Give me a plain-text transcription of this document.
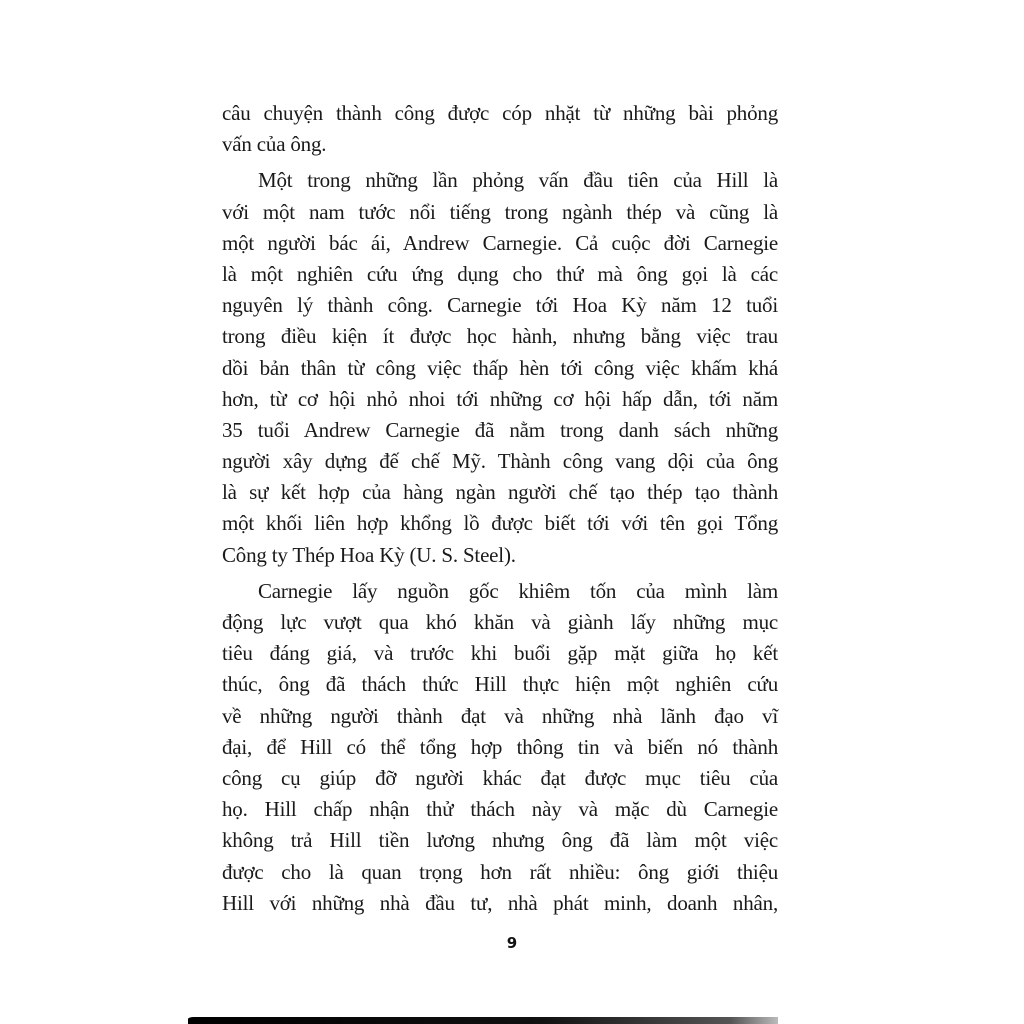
câu chuyện thành công được cóp nhặt từ những bài phỏng
vấn của ông.
Một trong những lần phỏng vấn đầu tiên của Hill là
với một nam tước nổi tiếng trong ngành thép và cũng là
một người bác ái, Andrew Carnegie. Cả cuộc đời Carnegie
là một nghiên cứu ứng dụng cho thứ mà ông gọi là các
nguyên lý thành công. Carnegie tới Hoa Kỳ năm 12 tuổi
trong điều kiện ít được học hành, nhưng bằng việc trau
dồi bản thân từ công việc thấp hèn tới công việc khấm khá
hơn, từ cơ hội nhỏ nhoi tới những cơ hội hấp dẫn, tới năm
35 tuổi Andrew Carnegie đã nằm trong danh sách những
người xây dựng đế chế Mỹ. Thành công vang dội của ông
là sự kết hợp của hàng ngàn người chế tạo thép tạo thành
một khối liên hợp khổng lồ được biết tới với tên gọi Tổng
Công ty Thép Hoa Kỳ (U. S. Steel).
Carnegie lấy nguồn gốc khiêm tốn của mình làm
động lực vượt qua khó khăn và giành lấy những mục
tiêu đáng giá, và trước khi buổi gặp mặt giữa họ kết
thúc, ông đã thách thức Hill thực hiện một nghiên cứu
về những người thành đạt và những nhà lãnh đạo vĩ
đại, để Hill có thể tổng hợp thông tin và biến nó thành
công cụ giúp đỡ người khác đạt được mục tiêu của
họ. Hill chấp nhận thử thách này và mặc dù Carnegie
không trả Hill tiền lương nhưng ông đã làm một việc
được cho là quan trọng hơn rất nhiều: ông giới thiệu
Hill với những nhà đầu tư, nhà phát minh, doanh nhân,
9
